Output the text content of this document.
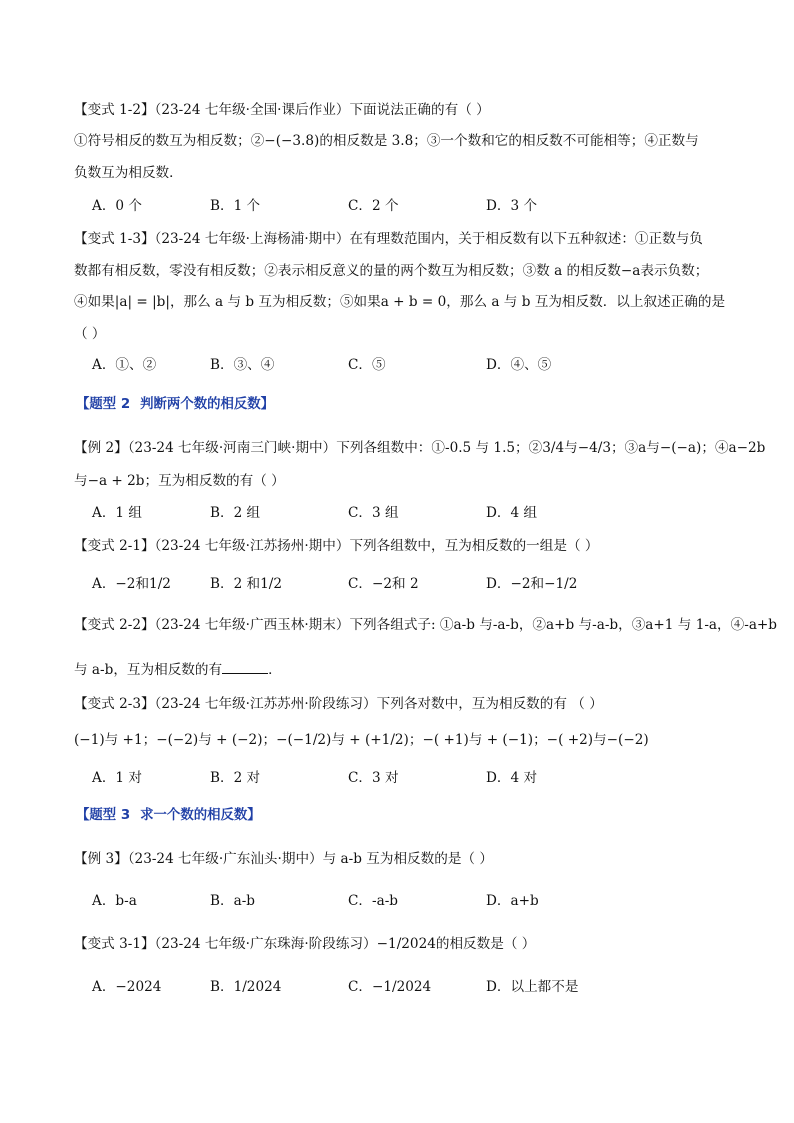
【变式 1-2】（23-24 七年级·全国·课后作业）下面说法正确的有（ ）
①符号相反的数互为相反数；②−(−3.8)的相反数是 3.8；③一个数和它的相反数不可能相等；④正数与
负数互为相反数．
A．0 个	B．1 个	C．2 个	D．3 个
【变式 1-3】（23-24 七年级·上海杨浦·期中）在有理数范围内，关于相反数有以下五种叙述：①正数与负
数都有相反数，零没有相反数；②表示相反意义的量的两个数互为相反数；③数 a 的相反数−a表示负数；
④如果|a| = |b|，那么 a 与 b 互为相反数；⑤如果a + b = 0，那么 a 与 b 互为相反数．以上叙述正确的是
（ ）
A．①、②	B．③、④	C．⑤	D．④、⑤
【题型 2 判断两个数的相反数】
【例 2】（23-24 七年级·河南三门峡·期中）下列各组数中：①-0.5 与 1.5；②3/4与−4/3；③a与−(−a)；④a−2b
与−a + 2b；互为相反数的有（ ）
A．1 组	B．2 组	C．3 组	D．4 组
【变式 2-1】（23-24 七年级·江苏扬州·期中）下列各组数中，互为相反数的一组是（ ）
A．−2和1/2	B．2 和1/2	C．−2和 2	D．−2和−1/2
【变式 2-2】（23-24 七年级·广西玉林·期末）下列各组式子: ①a-b 与-a-b，②a+b 与-a-b，③a+1 与 1-a，④-a+b
与 a-b，互为相反数的有	．
【变式 2-3】（23-24 七年级·江苏苏州·阶段练习）下列各对数中，互为相反数的有 （ ）
(−1)与 +1；−(−2)与 + (−2)；−(−1/2)与 + (+1/2)；−( +1)与 + (−1)；−( +2)与−(−2)
A．1 对	B．2 对	C．3 对	D．4 对
【题型 3 求一个数的相反数】
【例 3】（23-24 七年级·广东汕头·期中）与 a-b 互为相反数的是（ ）
A．b-a	B．a-b	C．-a-b	D．a+b
【变式 3-1】（23-24 七年级·广东珠海·阶段练习）−1/2024的相反数是（ ）
A．−2024	B．1/2024	C．−1/2024	D．以上都不是
